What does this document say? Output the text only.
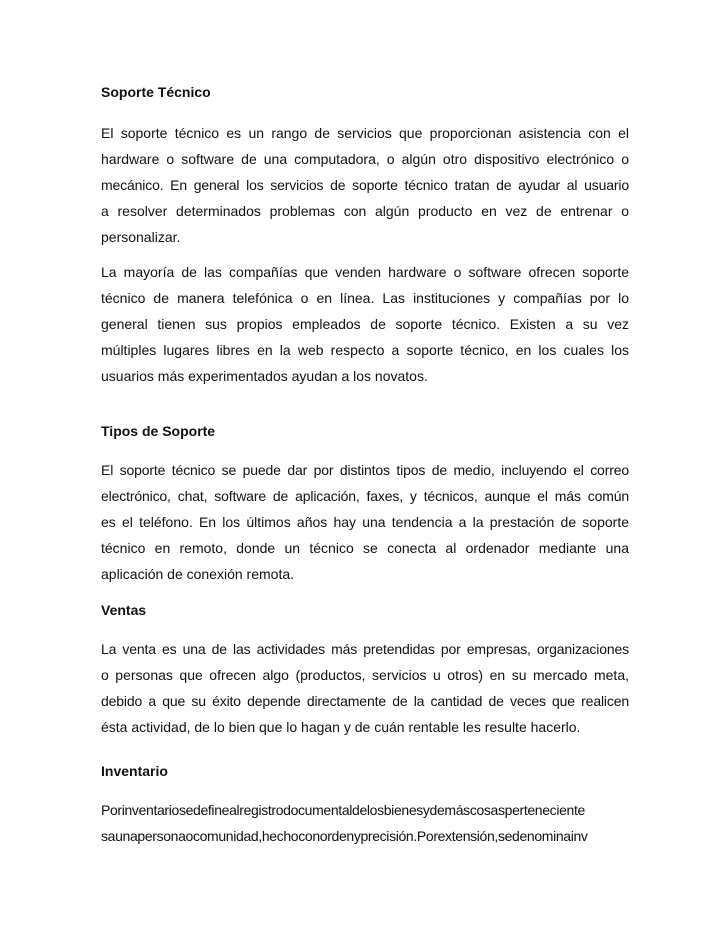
Soporte Técnico
El soporte técnico es un rango de servicios que proporcionan asistencia con el
hardware o software de una computadora, o algún otro dispositivo electrónico o
mecánico. En general los servicios de soporte técnico tratan de ayudar al usuario
a resolver determinados problemas con algún producto en vez de entrenar o
personalizar.
La mayoría de las compañías que venden hardware o software ofrecen soporte
técnico de manera telefónica o en línea. Las instituciones y compañías por lo
general tienen sus propios empleados de soporte técnico. Existen a su vez
múltiples lugares libres en la web respecto a soporte técnico, en los cuales los
usuarios más experimentados ayudan a los novatos.
Tipos de Soporte
El soporte técnico se puede dar por distintos tipos de medio, incluyendo el correo
electrónico, chat, software de aplicación, faxes, y técnicos, aunque el más común
es el teléfono. En los últimos años hay una tendencia a la prestación de soporte
técnico en remoto, donde un técnico se conecta al ordenador mediante una
aplicación de conexión remota.
Ventas
La venta es una de las actividades más pretendidas por empresas, organizaciones
o personas que ofrecen algo (productos, servicios u otros) en su mercado meta,
debido a que su éxito depende directamente de la cantidad de veces que realicen
ésta actividad, de lo bien que lo hagan y de cuán rentable les resulte hacerlo.
Inventario
Porinventariosedefinealregistrodocumentaldelosbienesydemáscosasperteneciente
saunapersonaocomunidad,hechoconordenyprecisión.Porextensión,sedenominainv
